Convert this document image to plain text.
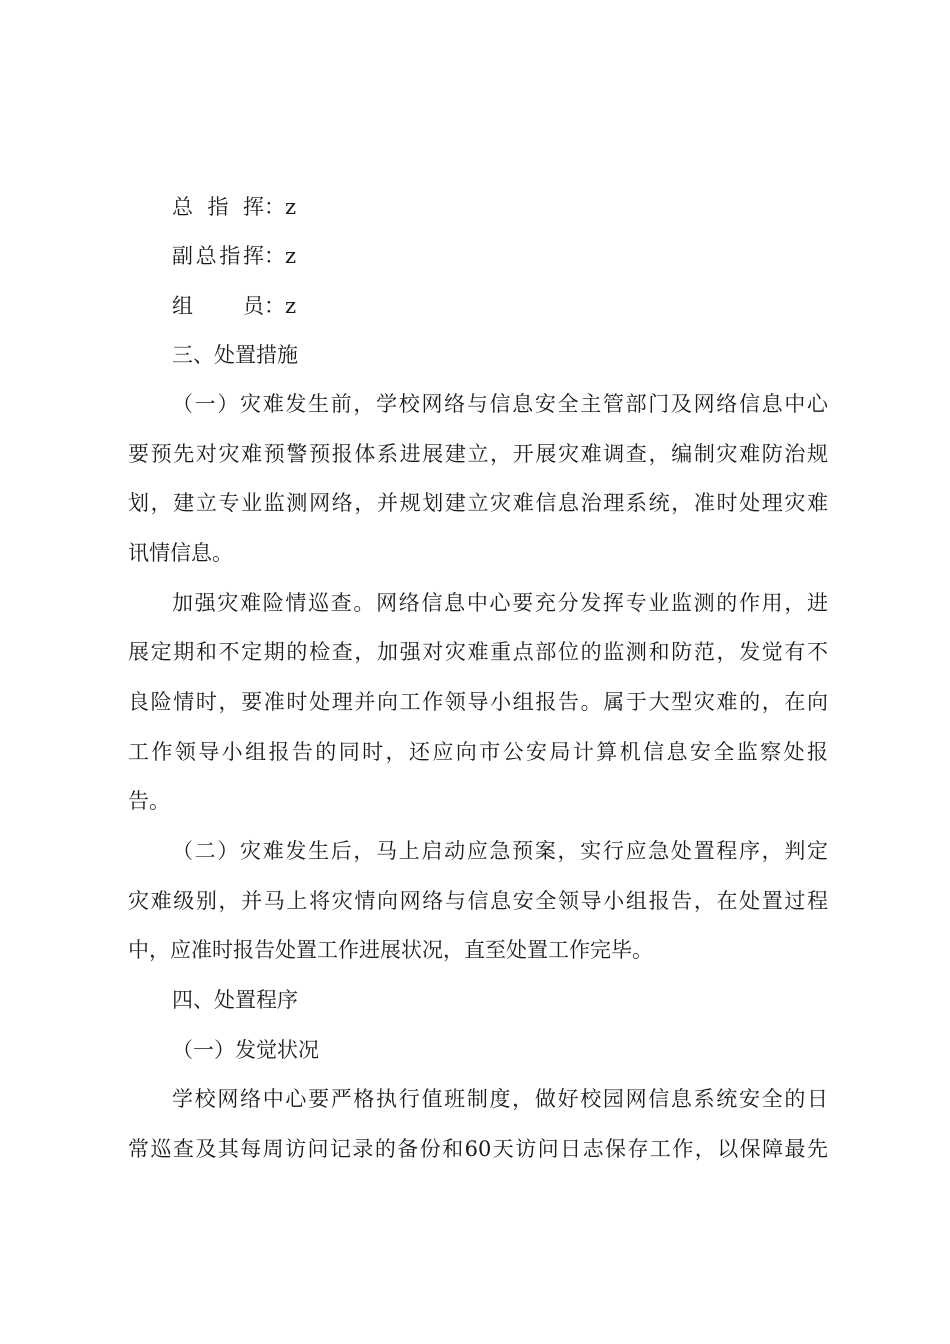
总 指 挥：z
副总指挥：z
组　　员：z
三、处置措施
（一）灾难发生前，学校网络与信息安全主管部门及网络信息中心
要预先对灾难预警预报体系进展建立，开展灾难调查，编制灾难防治规
划，建立专业监测网络，并规划建立灾难信息治理系统，准时处理灾难
讯情信息。
加强灾难险情巡查。网络信息中心要充分发挥专业监测的作用，进
展定期和不定期的检查，加强对灾难重点部位的监测和防范，发觉有不
良险情时，要准时处理并向工作领导小组报告。属于大型灾难的，在向
工作领导小组报告的同时，还应向市公安局计算机信息安全监察处报
告。
（二）灾难发生后，马上启动应急预案，实行应急处置程序，判定
灾难级别，并马上将灾情向网络与信息安全领导小组报告，在处置过程
中，应准时报告处置工作进展状况，直至处置工作完毕。
四、处置程序
（一）发觉状况
学校网络中心要严格执行值班制度，做好校园网信息系统安全的日
常巡查及其每周访问记录的备份和60天访问日志保存工作，以保障最先
